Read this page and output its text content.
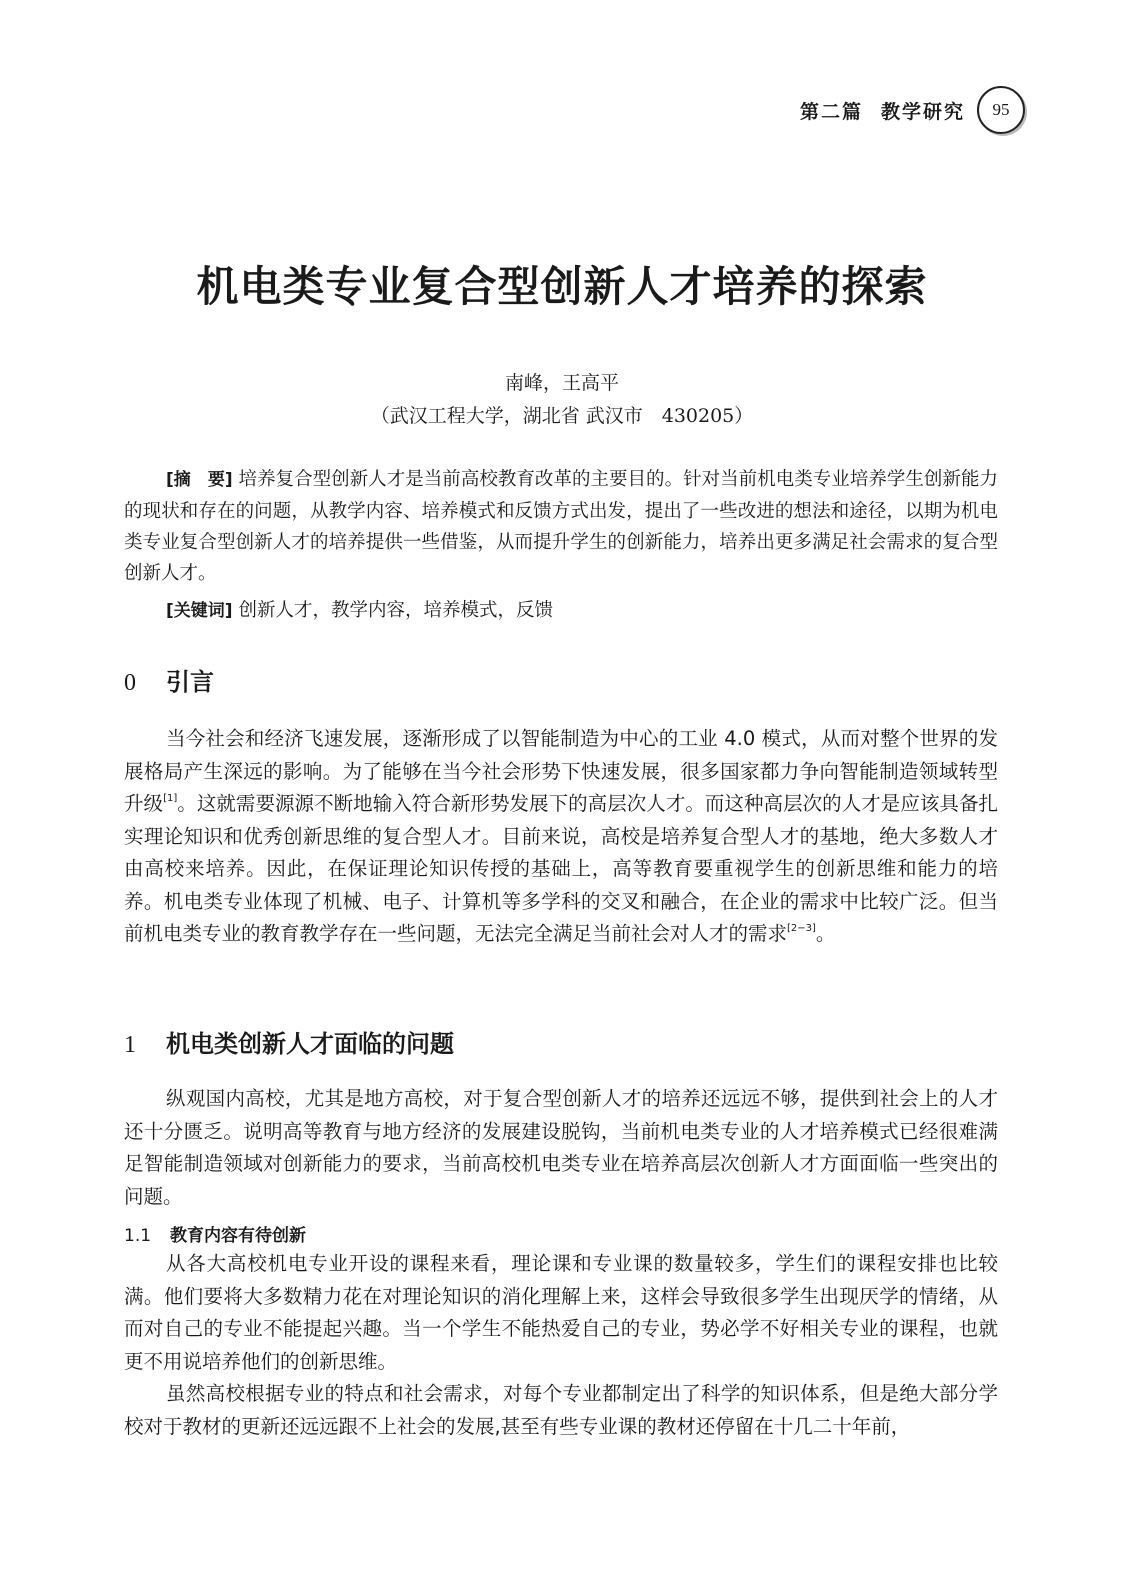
第二篇 教学研究	95
机电类专业复合型创新人才培养的探索
南峰，王高平
（武汉工程大学，湖北省 武汉市　430205）
[摘　要] 培养复合型创新人才是当前高校教育改革的主要目的。针对当前机电类专业培养学生创新能力的现状和存在的问题，从教学内容、培养模式和反馈方式出发，提出了一些改进的想法和途径，以期为机电类专业复合型创新人才的培养提供一些借鉴，从而提升学生的创新能力，培养出更多满足社会需求的复合型创新人才。
[关键词] 创新人才，教学内容，培养模式，反馈
0 引言
当今社会和经济飞速发展，逐渐形成了以智能制造为中心的工业 4.0 模式，从而对整个世界的发展格局产生深远的影响。为了能够在当今社会形势下快速发展，很多国家都力争向智能制造领域转型升级[1]。这就需要源源不断地输入符合新形势发展下的高层次人才。而这种高层次的人才是应该具备扎实理论知识和优秀创新思维的复合型人才。目前来说，高校是培养复合型人才的基地，绝大多数人才由高校来培养。因此，在保证理论知识传授的基础上，高等教育要重视学生的创新思维和能力的培养。机电类专业体现了机械、电子、计算机等多学科的交叉和融合，在企业的需求中比较广泛。但当前机电类专业的教育教学存在一些问题，无法完全满足当前社会对人才的需求[2−3]。
1 机电类创新人才面临的问题
纵观国内高校，尤其是地方高校，对于复合型创新人才的培养还远远不够，提供到社会上的人才还十分匮乏。说明高等教育与地方经济的发展建设脱钩，当前机电类专业的人才培养模式已经很难满足智能制造领域对创新能力的要求，当前高校机电类专业在培养高层次创新人才方面面临一些突出的问题。
1.1 教育内容有待创新
从各大高校机电专业开设的课程来看，理论课和专业课的数量较多，学生们的课程安排也比较满。他们要将大多数精力花在对理论知识的消化理解上来，这样会导致很多学生出现厌学的情绪，从而对自己的专业不能提起兴趣。当一个学生不能热爱自己的专业，势必学不好相关专业的课程，也就更不用说培养他们的创新思维。
虽然高校根据专业的特点和社会需求，对每个专业都制定出了科学的知识体系，但是绝大部分学校对于教材的更新还远远跟不上社会的发展,甚至有些专业课的教材还停留在十几二十年前，
